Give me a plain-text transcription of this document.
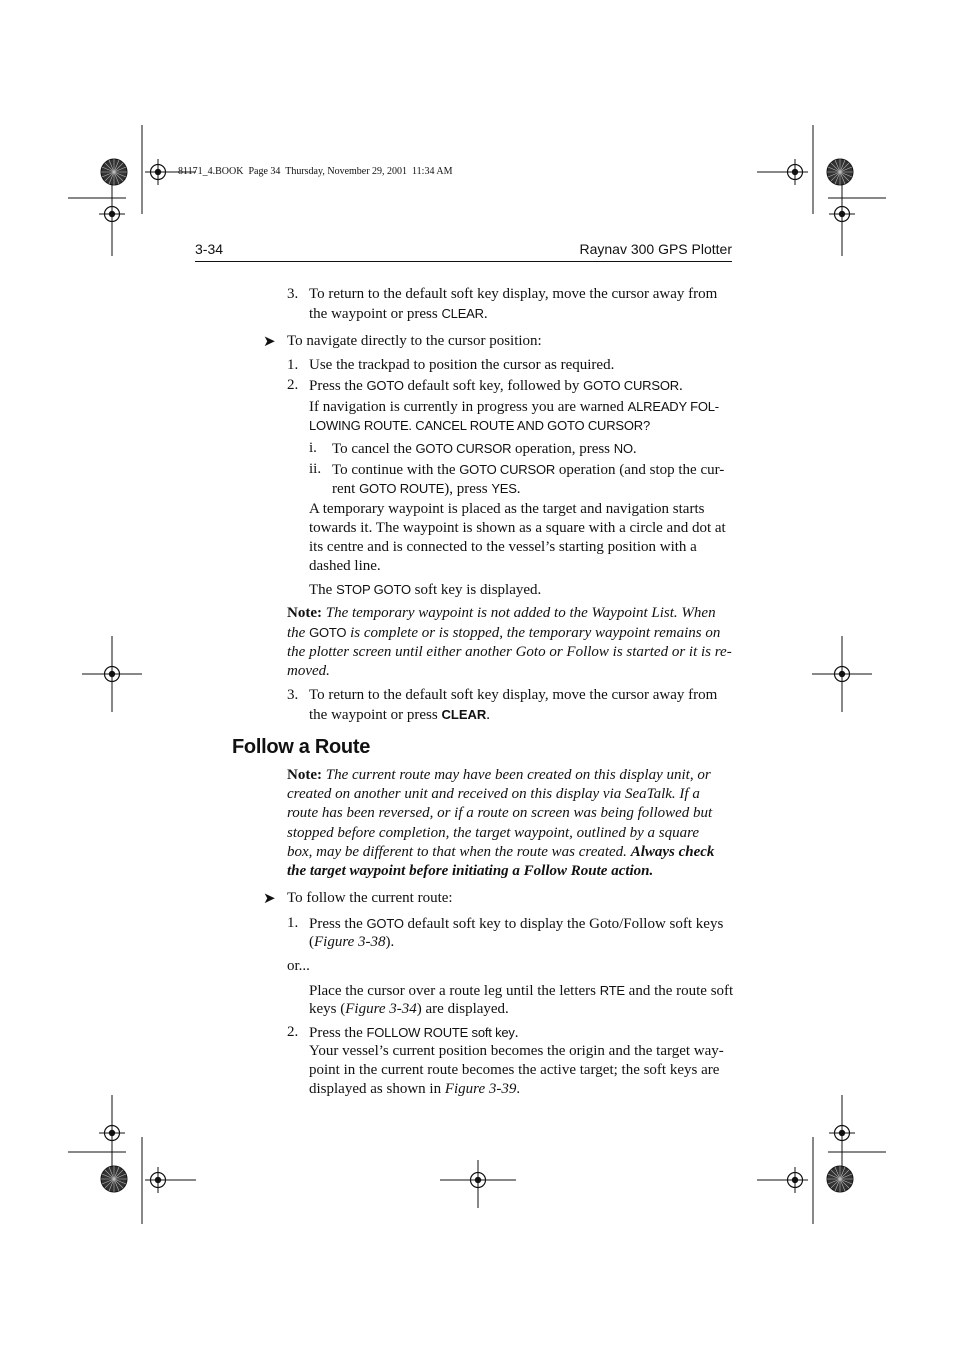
81171_4.BOOK  Page 34  Thursday, November 29, 2001  11:34 AM
3-34	Raynav 300 GPS Plotter
3. To return to the default soft key display, move the cursor away from
the waypoint or press CLEAR.
➤ To navigate directly to the cursor position:
1. Use the trackpad to position the cursor as required.
2. Press the GOTO default soft key, followed by GOTO CURSOR.
If navigation is currently in progress you are warned ALREADY FOL-
LOWING ROUTE. CANCEL ROUTE AND GOTO CURSOR?
i. To cancel the GOTO CURSOR operation, press NO.
ii. To continue with the GOTO CURSOR operation (and stop the cur-
rent GOTO ROUTE), press YES.
A temporary waypoint is placed as the target and navigation starts
towards it. The waypoint is shown as a square with a circle and dot at
its centre and is connected to the vessel’s starting position with a
dashed line.
The STOP GOTO soft key is displayed.
Note: The temporary waypoint is not added to the Waypoint List. When
the GOTO is complete or is stopped, the temporary waypoint remains on
the plotter screen until either another Goto or Follow is started or it is re-
moved.
3. To return to the default soft key display, move the cursor away from
the waypoint or press CLEAR.
Follow a Route
Note: The current route may have been created on this display unit, or
created on another unit and received on this display via SeaTalk. If a
route has been reversed, or if a route on screen was being followed but
stopped before completion, the target waypoint, outlined by a square
box, may be different to that when the route was created. Always check
the target waypoint before initiating a Follow Route action.
➤ To follow the current route:
1. Press the GOTO default soft key to display the Goto/Follow soft keys
(Figure 3-38).
or...
Place the cursor over a route leg until the letters RTE and the route soft
keys (Figure 3-34) are displayed.
2. Press the FOLLOW ROUTE soft key.
Your vessel’s current position becomes the origin and the target way-
point in the current route becomes the active target; the soft keys are
displayed as shown in Figure 3-39.
